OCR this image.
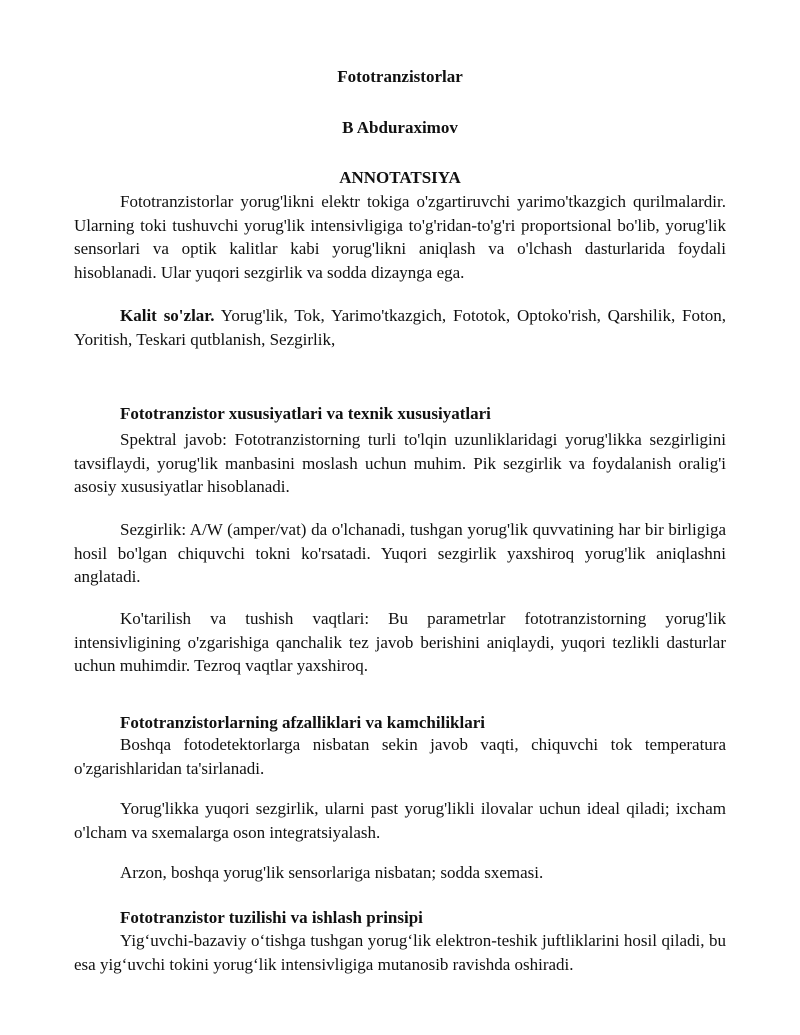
Fototranzistorlar
B Abduraximov
ANNOTATSIYA

Fototranzistorlar yorug'likni elektr tokiga o'zgartiruvchi yarimo'tkazgich qurilmalardir. Ularning toki tushuvchi yorug'lik intensivligiga to'g'ridan-to'g'ri proportsional bo'lib, yorug'lik sensorlari va optik kalitlar kabi yorug'likni aniqlash va o'lchash dasturlarida foydali hisoblanadi. Ular yuqori sezgirlik va sodda dizaynga ega.

Kalit so'zlar. Yorug'lik, Tok, Yarimo'tkazgich, Fototok, Optoko'rish, Qarshilik, Foton, Yoritish, Teskari qutblanish, Sezgirlik,

Fototranzistor xususiyatlari va texnik xususiyatlari

Spektral javob: Fototranzistorning turli to'lqin uzunliklaridagi yorug'likka sezgirligini tavsiflaydi, yorug'lik manbasini moslash uchun muhim. Pik sezgirlik va foydalanish oralig'i asosiy xususiyatlar hisoblanadi.

Sezgirlik: A/W (amper/vat) da o'lchanadi, tushgan yorug'lik quvvatining har bir birligiga hosil bo'lgan chiquvchi tokni ko'rsatadi. Yuqori sezgirlik yaxshiroq yorug'lik aniqlashni anglatadi.

Ko'tarilish va tushish vaqtlari: Bu parametrlar fototranzistorning yorug'lik intensivligining o'zgarishiga qanchalik tez javob berishini aniqlaydi, yuqori tezlikli dasturlar uchun muhimdir. Tezroq vaqtlar yaxshiroq.

Fototranzistorlarning afzalliklari va kamchiliklari

Boshqa fotodetektorlarga nisbatan sekin javob vaqti, chiquvchi tok temperatura o'zgarishlaridan ta'sirlanadi.

Yorug'likka yuqori sezgirlik, ularni past yorug'likli ilovalar uchun ideal qiladi; ixcham o'lcham va sxemalarga oson integratsiyalash.

Arzon, boshqa yorug'lik sensorlariga nisbatan; sodda sxemasi.

Fototranzistor tuzilishi va ishlash prinsipi

Yig‘uvchi-bazaviy o‘tishga tushgan yorug‘lik elektron-teshik juftliklarini hosil qiladi, bu esa yig‘uvchi tokini yorug‘lik intensivligiga mutanosib ravishda oshiradi.
